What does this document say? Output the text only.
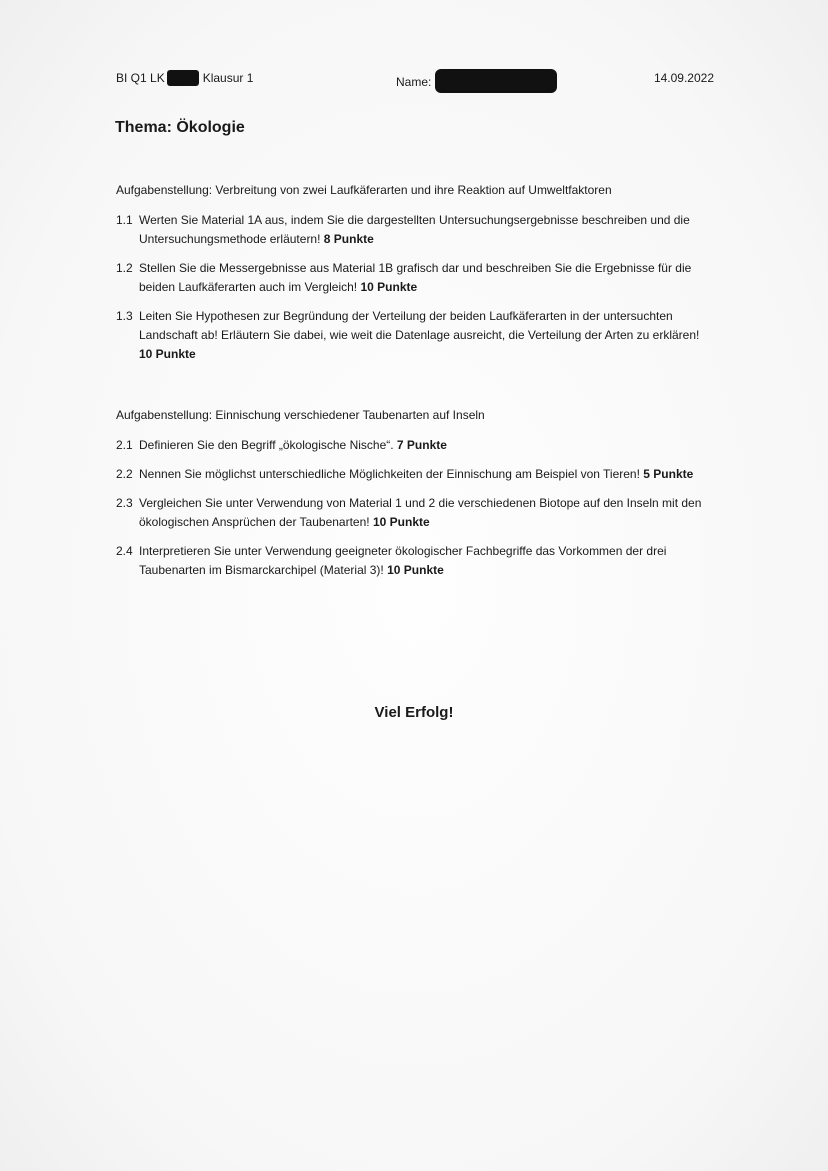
BI Q1 LK	Klausur 1	Name:	14.09.2022
Thema: Ökologie

Aufgabenstellung: Verbreitung von zwei Laufkäferarten und ihre Reaktion auf Umweltfaktoren

1.1 Werten Sie Material 1A aus, indem Sie die dargestellten Untersuchungsergebnisse beschreiben und die Untersuchungsmethode erläutern! 8 Punkte

1.2 Stellen Sie die Messergebnisse aus Material 1B grafisch dar und beschreiben Sie die Ergebnisse für die beiden Laufkäferarten auch im Vergleich! 10 Punkte

1.3 Leiten Sie Hypothesen zur Begründung der Verteilung der beiden Laufkäferarten in der untersuchten Landschaft ab! Erläutern Sie dabei, wie weit die Datenlage ausreicht, die Verteilung der Arten zu erklären! 10 Punkte

Aufgabenstellung: Einnischung verschiedener Taubenarten auf Inseln

2.1 Definieren Sie den Begriff „ökologische Nische“. 7 Punkte

2.2 Nennen Sie möglichst unterschiedliche Möglichkeiten der Einnischung am Beispiel von Tieren! 5 Punkte

2.3 Vergleichen Sie unter Verwendung von Material 1 und 2 die verschiedenen Biotope auf den Inseln mit den ökologischen Ansprüchen der Taubenarten! 10 Punkte

2.4 Interpretieren Sie unter Verwendung geeigneter ökologischer Fachbegriffe das Vorkommen der drei Taubenarten im Bismarckarchipel (Material 3)! 10 Punkte

Viel Erfolg!
